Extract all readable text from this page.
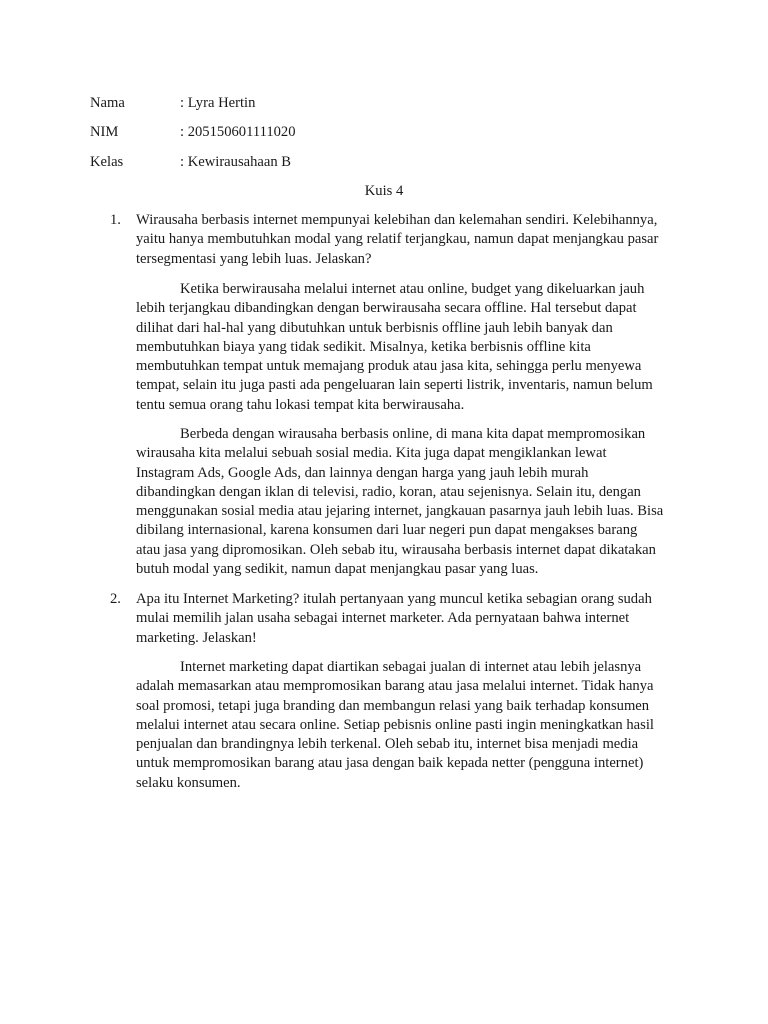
Nama	: Lyra Hertin
NIM	: 205150601111020
Kelas	: Kewirausahaan B
Kuis 4
1. Wirausaha berbasis internet mempunyai kelebihan dan kelemahan sendiri. Kelebihannya, yaitu hanya membutuhkan modal yang relatif terjangkau, namun dapat menjangkau pasar tersegmentasi yang lebih luas. Jelaskan?

Ketika berwirausaha melalui internet atau online, budget yang dikeluarkan jauh lebih terjangkau dibandingkan dengan berwirausaha secara offline. Hal tersebut dapat dilihat dari hal-hal yang dibutuhkan untuk berbisnis offline jauh lebih banyak dan membutuhkan biaya yang tidak sedikit. Misalnya, ketika berbisnis offline kita membutuhkan tempat untuk memajang produk atau jasa kita, sehingga perlu menyewa tempat, selain itu juga pasti ada pengeluaran lain seperti listrik, inventaris, namun belum tentu semua orang tahu lokasi tempat kita berwirausaha.

Berbeda dengan wirausaha berbasis online, di mana kita dapat mempromosikan wirausaha kita melalui sebuah sosial media. Kita juga dapat mengiklankan lewat Instagram Ads, Google Ads, dan lainnya dengan harga yang jauh lebih murah dibandingkan dengan iklan di televisi, radio, koran, atau sejenisnya. Selain itu, dengan menggunakan sosial media atau jejaring internet, jangkauan pasarnya jauh lebih luas. Bisa dibilang internasional, karena konsumen dari luar negeri pun dapat mengakses barang atau jasa yang dipromosikan. Oleh sebab itu, wirausaha berbasis internet dapat dikatakan butuh modal yang sedikit, namun dapat menjangkau pasar yang luas.

2. Apa itu Internet Marketing? itulah pertanyaan yang muncul ketika sebagian orang sudah mulai memilih jalan usaha sebagai internet marketer. Ada pernyataan bahwa internet marketing. Jelaskan!

Internet marketing dapat diartikan sebagai jualan di internet atau lebih jelasnya adalah memasarkan atau mempromosikan barang atau jasa melalui internet. Tidak hanya soal promosi, tetapi juga branding dan membangun relasi yang baik terhadap konsumen melalui internet atau secara online. Setiap pebisnis online pasti ingin meningkatkan hasil penjualan dan brandingnya lebih terkenal. Oleh sebab itu, internet bisa menjadi media untuk mempromosikan barang atau jasa dengan baik kepada netter (pengguna internet) selaku konsumen.
